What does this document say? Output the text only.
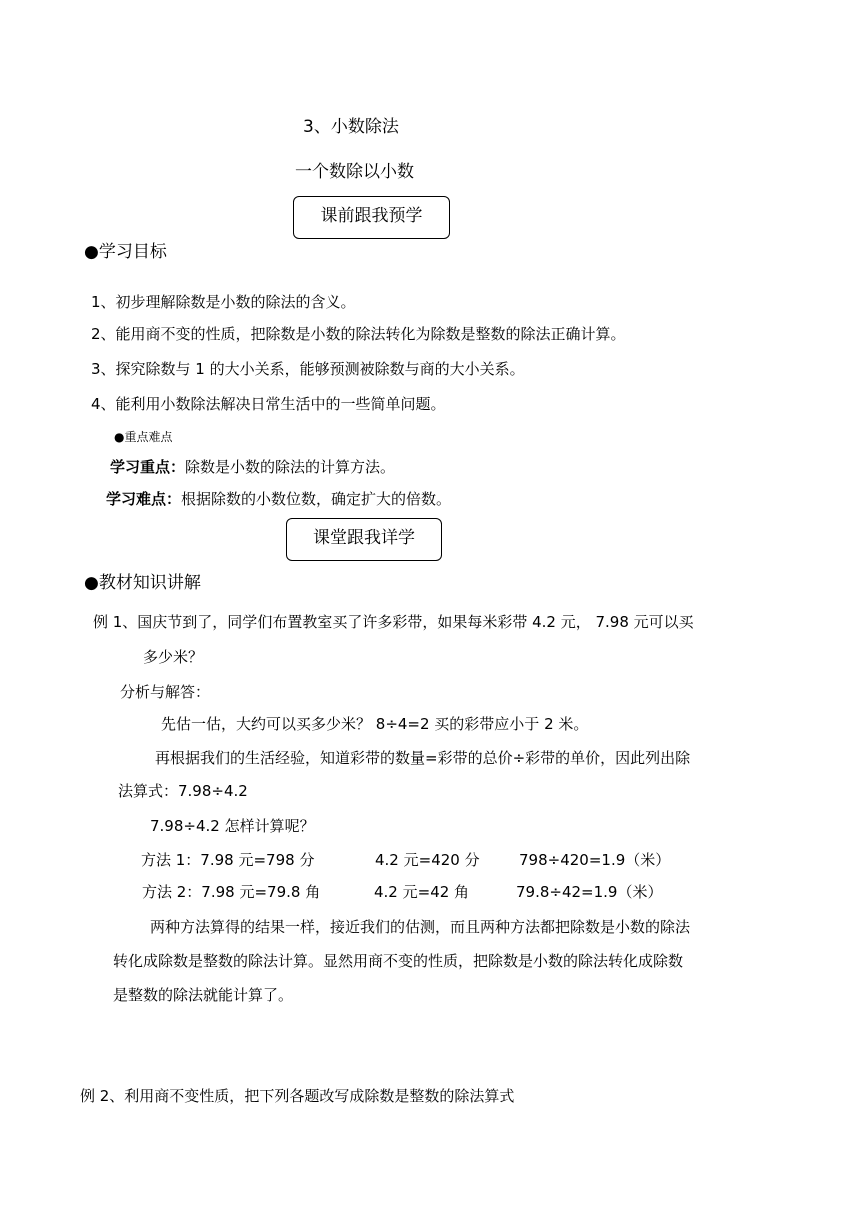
3、小数除法
一个数除以小数
课前跟我预学
●学习目标
1、初步理解除数是小数的除法的含义。
2、能用商不变的性质，把除数是小数的除法转化为除数是整数的除法正确计算。
3、探究除数与 1 的大小关系，能够预测被除数与商的大小关系。
4、能利用小数除法解决日常生活中的一些简单问题。
●重点难点
学习重点：除数是小数的除法的计算方法。
学习难点：根据除数的小数位数，确定扩大的倍数。
课堂跟我详学
●教材知识讲解
例 1、国庆节到了，同学们布置教室买了许多彩带，如果每米彩带 4.2 元， 7.98 元可以买
多少米？
分析与解答：
先估一估，大约可以买多少米？ 8÷4=2 买的彩带应小于 2 米。
再根据我们的生活经验，知道彩带的数量=彩带的总价÷彩带的单价，因此列出除
法算式：7.98÷4.2
7.98÷4.2 怎样计算呢？
方法 1：7.98 元=798 分	4.2 元=420 分	798÷420=1.9（米）
方法 2：7.98 元=79.8 角	4.2 元=42 角	79.8÷42=1.9（米）
两种方法算得的结果一样，接近我们的估测，而且两种方法都把除数是小数的除法
转化成除数是整数的除法计算。显然用商不变的性质，把除数是小数的除法转化成除数
是整数的除法就能计算了。
例 2、利用商不变性质，把下列各题改写成除数是整数的除法算式
